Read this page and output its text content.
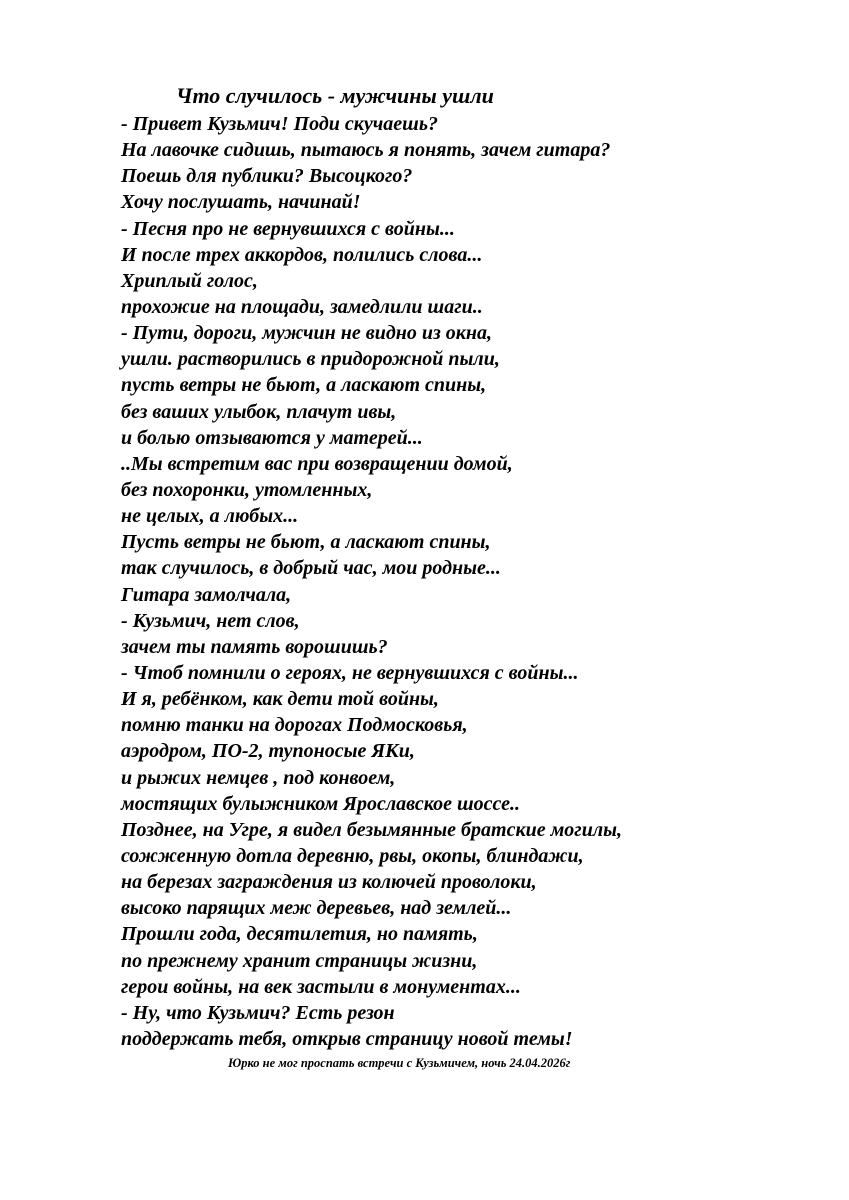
Что случилось - мужчины ушли
- Привет Кузьмич! Поди скучаешь?
На лавочке сидишь, пытаюсь я понять, зачем гитара?
Поешь для публики? Высоцкого?
Хочу послушать, начинай!
- Песня про не вернувшихся с войны...
И после трех аккордов, полились слова...
Хриплый голос,
прохожие на площади, замедлили шаги..
- Пути, дороги, мужчин не видно из окна,
ушли. растворились в придорожной пыли,
пусть ветры не бьют, а ласкают спины,
без ваших улыбок, плачут ивы,
и болью отзываются у матерей...
..Мы встретим вас при возвращении домой,
без похоронки, утомленных,
не целых, а любых...
Пусть ветры не бьют, а ласкают спины,
так случилось, в добрый час, мои родные...
Гитара замолчала,
- Кузьмич, нет слов,
зачем ты память ворошишь?
- Чтоб помнили о героях, не вернувшихся с войны...
И я, ребёнком, как дети той войны,
помню танки на дорогах Подмосковья,
аэродром, ПО-2, тупоносые ЯКи,
и рыжих немцев , под конвоем,
мостящих булыжником Ярославское шоссе..
Позднее, на Угре, я видел безымянные братские могилы,
сожженную дотла деревню, рвы, окопы, блиндажи,
на березах заграждения из колючей проволоки,
высоко парящих меж деревьев, над землей...
Прошли года, десятилетия, но память,
по прежнему хранит страницы жизни,
герои войны, на век застыли в монументах...
- Ну, что Кузьмич? Есть резон
поддержать тебя, открыв страницу новой темы!

Юрко не мог проспать встречи с Кузьмичем, ночь 24.04.2026г
